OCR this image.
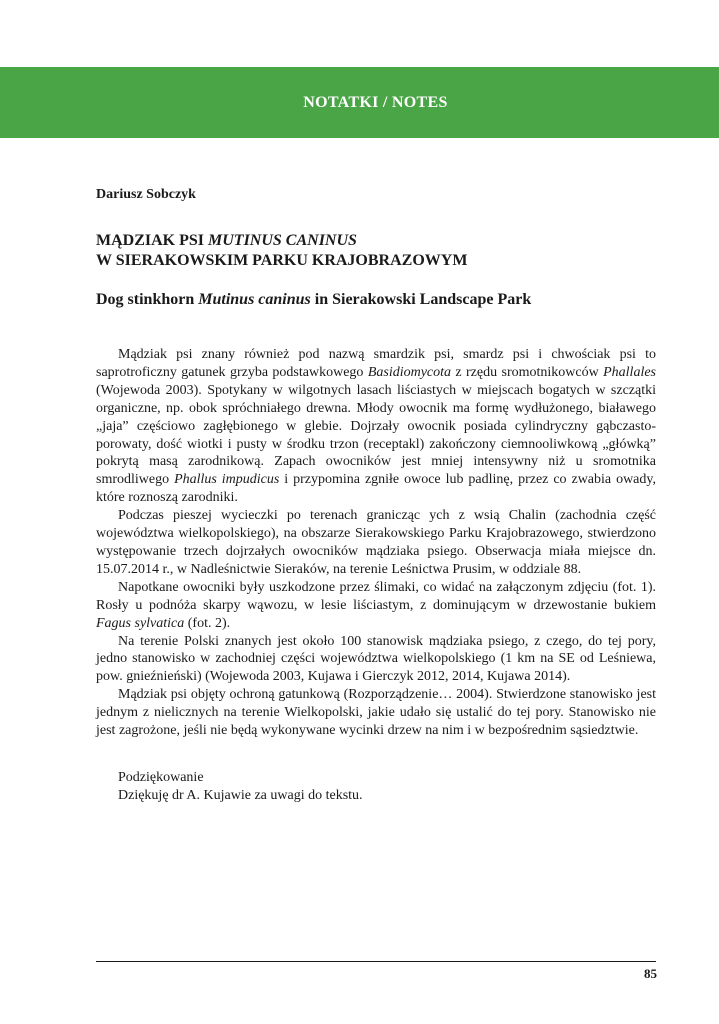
NOTATKI / NOTES
Dariusz Sobczyk
MĄDZIAK PSI MUTINUS CANINUS
W SIERAKOWSKIM PARKU KRAJOBRAZOWYM
Dog stinkhorn Mutinus caninus in Sierakowski Landscape Park

Mądziak psi znany również pod nazwą smardzik psi, smardz psi i chwościak psi to saprotroficzny gatunek grzyba podstawkowego Basidiomycota z rzędu sromotnikowców Phallales (Wojewoda 2003). Spotykany w wilgotnych lasach liściastych w miejscach bogatych w szczątki organiczne, np. obok spróchniałego drewna. Młody owocnik ma formę wydłużonego, białawego „jaja” częściowo zagłębionego w glebie. Dojrzały owocnik posiada cylindryczny gąbczasto-porowaty, dość wiotki i pusty w środku trzon (receptakl) zakończony ciemnooliwkową „główką” pokrytą masą zarodnikową. Zapach owocników jest mniej intensywny niż u sromotnika smrodliwego Phallus impudicus i przypomina zgniłe owoce lub padlinę, przez co zwabia owady, które roznoszą zarodniki.

Podczas pieszej wycieczki po terenach granicząc ych z wsią Chalin (zachodnia część województwa wielkopolskiego), na obszarze Sierakowskiego Parku Krajobrazowego, stwierdzono występowanie trzech dojrzałych owocników mądziaka psiego. Obserwacja miała miejsce dn. 15.07.2014 r., w Nadleśnictwie Sieraków, na terenie Leśnictwa Prusim, w oddziale 88.

Napotkane owocniki były uszkodzone przez ślimaki, co widać na załączonym zdjęciu (fot. 1). Rosły u podnóża skarpy wąwozu, w lesie liściastym, z dominującym w drzewostanie bukiem Fagus sylvatica (fot. 2).

Na terenie Polski znanych jest około 100 stanowisk mądziaka psiego, z czego, do tej pory, jedno stanowisko w zachodniej części województwa wielkopolskiego (1 km na SE od Leśniewa, pow. gnieźnieński) (Wojewoda 2003, Kujawa i Gierczyk 2012, 2014, Kujawa 2014).

Mądziak psi objęty ochroną gatunkową (Rozporządzenie… 2004). Stwierdzone stanowisko jest jednym z nielicznych na terenie Wielkopolski, jakie udało się ustalić do tej pory. Stanowisko nie jest zagrożone, jeśli nie będą wykonywane wycinki drzew na nim i w bezpośrednim sąsiedztwie.

Podziękowanie
Dziękuję dr A. Kujawie za uwagi do tekstu.
85
